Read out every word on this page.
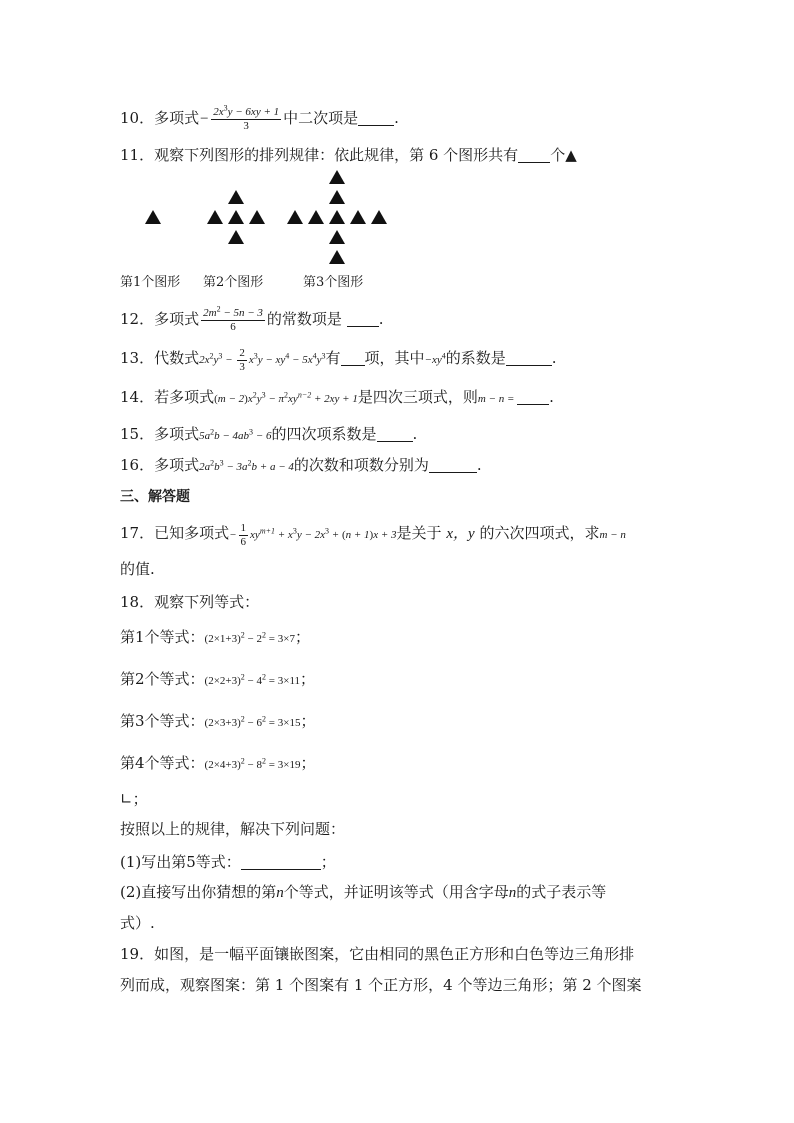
10．多项式− $\frac{2x^3y - 6xy + 1}{3}$ 中二次项是 .
11．观察下列图形的排列规律：依此规律，第 6 个图形共有 个▲
第1个图形 第2个图形	第3个图形
12．多项式 $\frac{2m^2 - 5n - 3}{6}$ 的常数项是 .
13．代数式$2x^2y^3 - \frac{2}{3} x^3y - xy^4 - 5x^4y^3$有 项，其中$-xy^4$的系数是	.
14．若多项式$(m - 2)x^2y^3 - \pi^2xy^{n-2} + 2xy + 1$是四次三项式，则m − n = .
15．多项式$5a^2b - 4ab^3 - 6$的四次项系数是 .
16．多项式$2a^2b^3 - 3a^2b + a - 4$的次数和项数分别为	.
三、解答题
17．已知多项式− $\frac{1}{6} xy^{m+1} + x^3y - 2x^3 + (n + 1)x + 3$是关于 x，y 的六次四项式，求m − n
的值.
18．观察下列等式：
第1个等式：$(2\times 1+3)^2 - 2^2 = 3\times 7$；
第2个等式：$(2\times 2+3)^2 - 4^2 = 3\times 11$；
第3个等式：$(2\times 3+3)^2 - 6^2 = 3\times 15$；
第4个等式：$(2\times 4+3)^2 - 8^2 = 3\times 19$；
∟；
按照以上的规律，解决下列问题：
(1)写出第5等式：	；
(2)直接写出你猜想的第n个等式，并证明该等式（用含字母n的式子表示等
式）.
19．如图，是一幅平面镶嵌图案，它由相同的黑色正方形和白色等边三角形排
列而成，观察图案：第 1 个图案有 1 个正方形，4 个等边三角形；第 2 个图案
